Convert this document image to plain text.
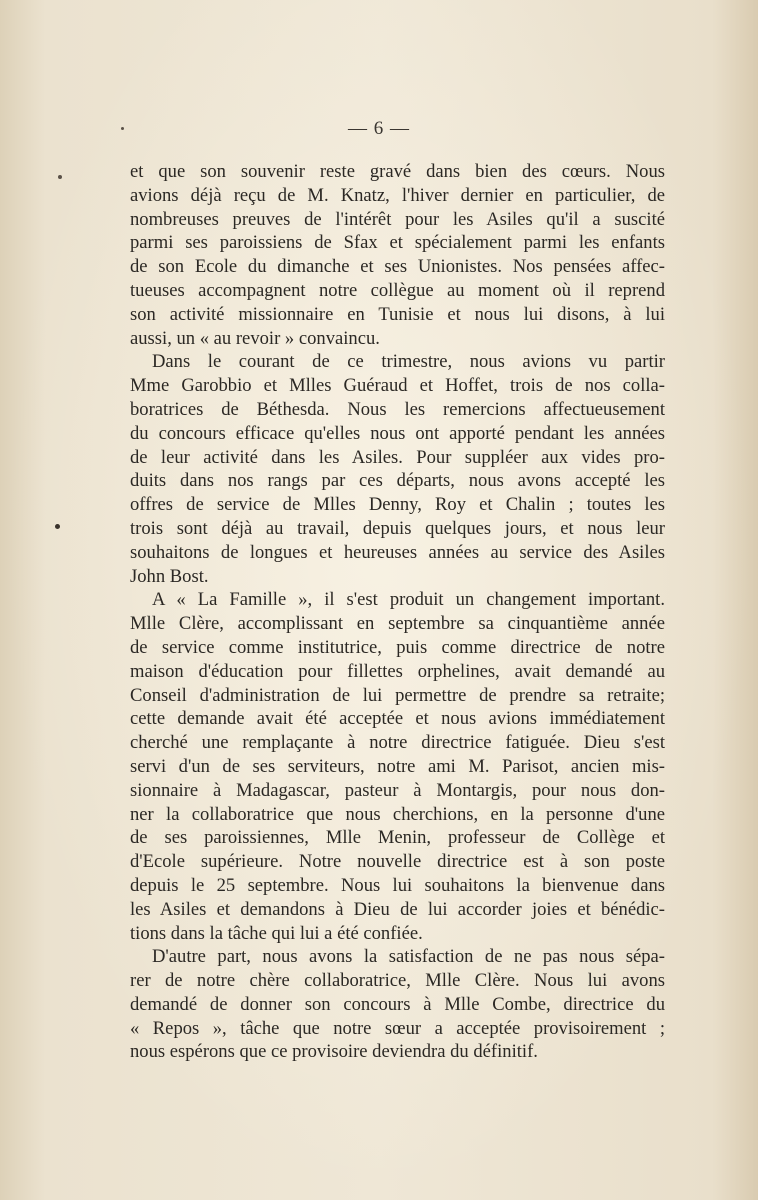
— 6 —
et que son souvenir reste gravé dans bien des cœurs. Nous
avions déjà reçu de M. Knatz, l'hiver dernier en particulier, de
nombreuses preuves de l'intérêt pour les Asiles qu'il a suscité
parmi ses paroissiens de Sfax et spécialement parmi les enfants
de son Ecole du dimanche et ses Unionistes. Nos pensées affec-
tueuses accompagnent notre collègue au moment où il reprend
son activité missionnaire en Tunisie et nous lui disons, à lui
aussi, un « au revoir » convaincu.
Dans le courant de ce trimestre, nous avions vu partir
Mme Garobbio et Mlles Guéraud et Hoffet, trois de nos colla-
boratrices de Béthesda. Nous les remercions affectueusement
du concours efficace qu'elles nous ont apporté pendant les années
de leur activité dans les Asiles. Pour suppléer aux vides pro-
duits dans nos rangs par ces départs, nous avons accepté les
offres de service de Mlles Denny, Roy et Chalin ; toutes les
trois sont déjà au travail, depuis quelques jours, et nous leur
souhaitons de longues et heureuses années au service des Asiles
John Bost.
A « La Famille », il s'est produit un changement important.
Mlle Clère, accomplissant en septembre sa cinquantième année
de service comme institutrice, puis comme directrice de notre
maison d'éducation pour fillettes orphelines, avait demandé au
Conseil d'administration de lui permettre de prendre sa retraite;
cette demande avait été acceptée et nous avions immédiatement
cherché une remplaçante à notre directrice fatiguée. Dieu s'est
servi d'un de ses serviteurs, notre ami M. Parisot, ancien mis-
sionnaire à Madagascar, pasteur à Montargis, pour nous don-
ner la collaboratrice que nous cherchions, en la personne d'une
de ses paroissiennes, Mlle Menin, professeur de Collège et
d'Ecole supérieure. Notre nouvelle directrice est à son poste
depuis le 25 septembre. Nous lui souhaitons la bienvenue dans
les Asiles et demandons à Dieu de lui accorder joies et bénédic-
tions dans la tâche qui lui a été confiée.
D'autre part, nous avons la satisfaction de ne pas nous sépa-
rer de notre chère collaboratrice, Mlle Clère. Nous lui avons
demandé de donner son concours à Mlle Combe, directrice du
« Repos », tâche que notre sœur a acceptée provisoirement ;
nous espérons que ce provisoire deviendra du définitif.
